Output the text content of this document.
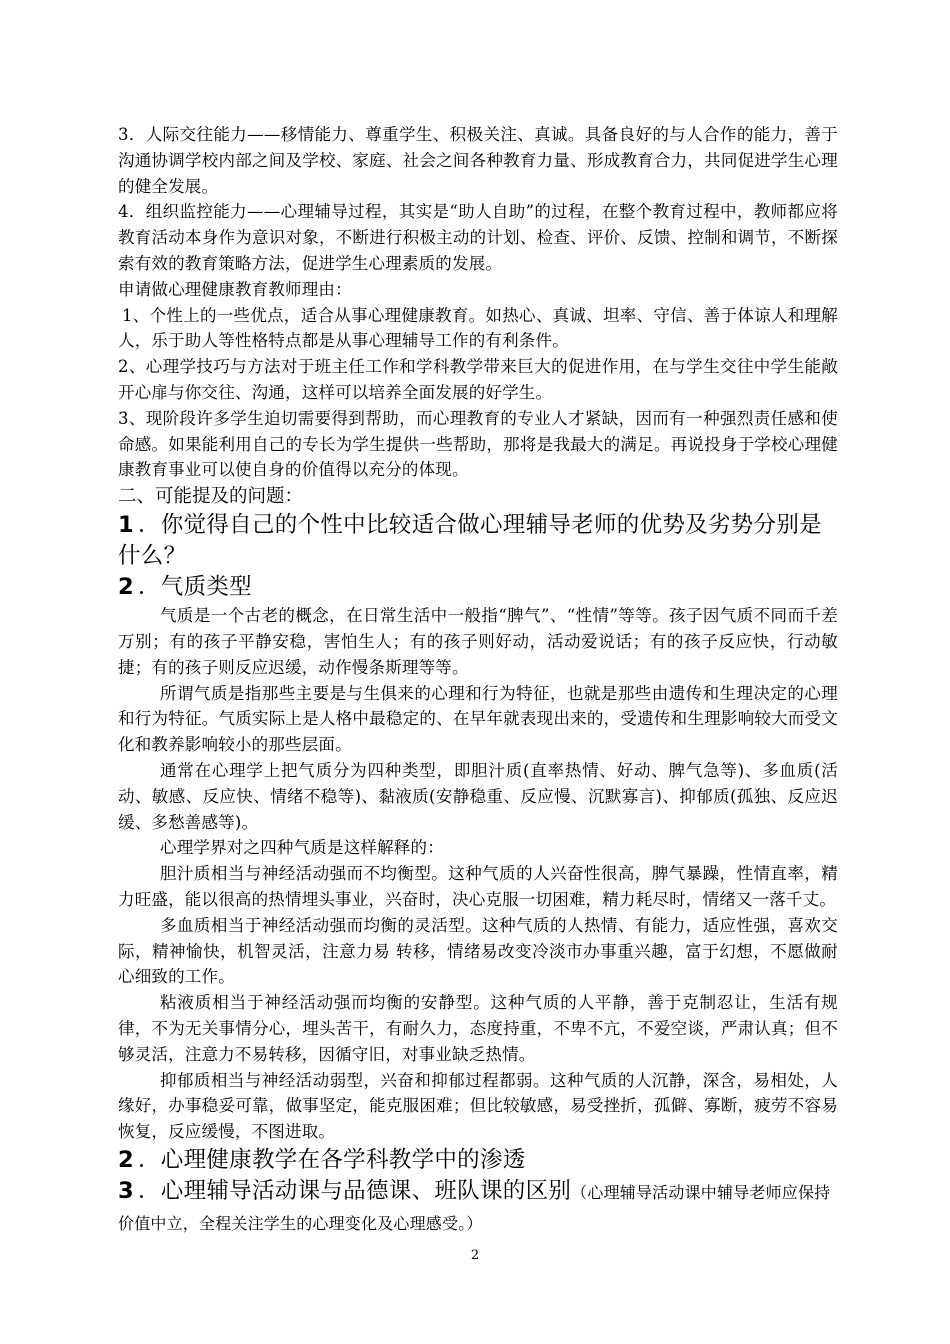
3．人际交往能力——移情能力、尊重学生、积极关注、真诚。具备良好的与人合作的能力，善于沟通协调学校内部之间及学校、家庭、社会之间各种教育力量、形成教育合力，共同促进学生心理的健全发展。

4．组织监控能力——心理辅导过程，其实是“助人自助”的过程，在整个教育过程中，教师都应将教育活动本身作为意识对象，不断进行积极主动的计划、检查、评价、反馈、控制和调节，不断探索有效的教育策略方法，促进学生心理素质的发展。

申请做心理健康教育教师理由：

1、个性上的一些优点，适合从事心理健康教育。如热心、真诚、坦率、守信、善于体谅人和理解人，乐于助人等性格特点都是从事心理辅导工作的有利条件。

2、心理学技巧与方法对于班主任工作和学科教学带来巨大的促进作用，在与学生交往中学生能敞开心扉与你交往、沟通，这样可以培养全面发展的好学生。

3、现阶段许多学生迫切需要得到帮助，而心理教育的专业人才紧缺，因而有一种强烈责任感和使命感。如果能利用自己的专长为学生提供一些帮助，那将是我最大的满足。再说投身于学校心理健康教育事业可以使自身的价值得以充分的体现。

二、可能提及的问题：

1 ．你觉得自己的个性中比较适合做心理辅导老师的优势及劣势分别是什么？

2 ．气质类型

气质是一个古老的概念，在日常生活中一般指“脾气”、“性情”等等。孩子因气质不同而千差万别；有的孩子平静安稳，害怕生人；有的孩子则好动，活动爱说话；有的孩子反应快，行动敏捷；有的孩子则反应迟缓，动作慢条斯理等等。

所谓气质是指那些主要是与生俱来的心理和行为特征，也就是那些由遗传和生理决定的心理和行为特征。气质实际上是人格中最稳定的、在早年就表现出来的，受遗传和生理影响较大而受文化和教养影响较小的那些层面。

通常在心理学上把气质分为四种类型，即胆汁质(直率热情、好动、脾气急等)、多血质(活动、敏感、反应快、情绪不稳等)、黏液质(安静稳重、反应慢、沉默寡言)、抑郁质(孤独、反应迟缓、多愁善感等)。

心理学界对之四种气质是这样解释的：

胆汁质相当与神经活动强而不均衡型。这种气质的人兴奋性很高，脾气暴躁，性情直率，精力旺盛，能以很高的热情埋头事业，兴奋时，决心克服一切困难，精力耗尽时，情绪又一落千丈。

多血质相当于神经活动强而均衡的灵活型。这种气质的人热情、有能力，适应性强，喜欢交际，精神愉快，机智灵活，注意力易 转移，情绪易改变冷淡市办事重兴趣，富于幻想，不愿做耐心细致的工作。

粘液质相当于神经活动强而均衡的安静型。这种气质的人平静，善于克制忍让，生活有规律，不为无关事情分心，埋头苦干，有耐久力，态度持重，不卑不亢，不爱空谈，严肃认真；但不够灵活，注意力不易转移，因循守旧，对事业缺乏热情。

抑郁质相当与神经活动弱型，兴奋和抑郁过程都弱。这种气质的人沉静，深含，易相处，人缘好，办事稳妥可靠，做事坚定，能克服困难；但比较敏感，易受挫折，孤僻、寡断，疲劳不容易恢复，反应缓慢，不图进取。

2 ．心理健康教学在各学科教学中的渗透

3 ．心理辅导活动课与品德课、班队课的区别（心理辅导活动课中辅导老师应保持价值中立，全程关注学生的心理变化及心理感受。）

2
